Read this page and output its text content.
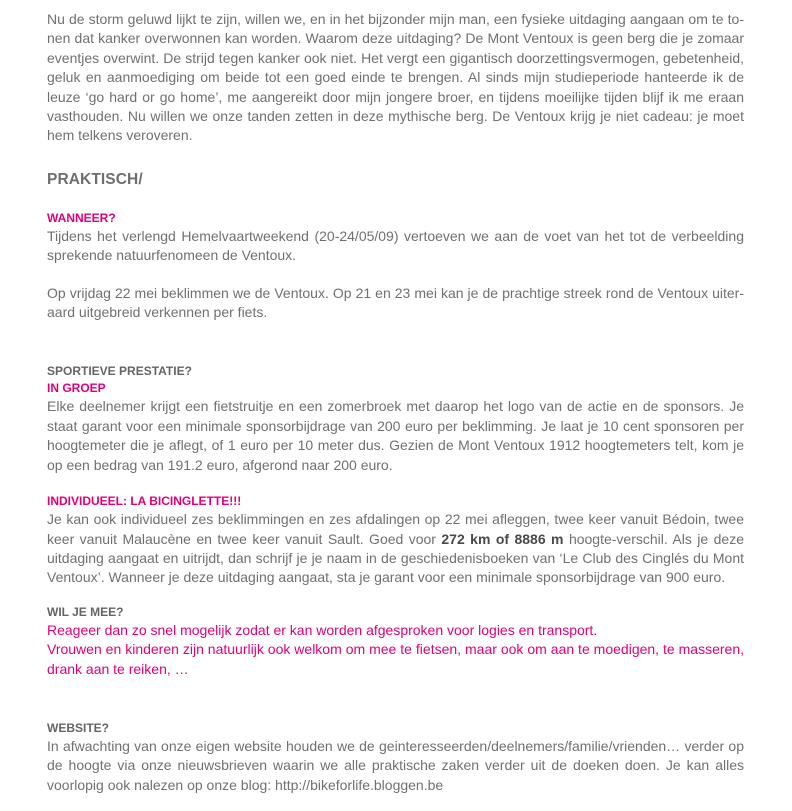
Nu de storm geluwd lijkt te zijn, willen we, en in het bijzonder mijn man, een fysieke uitdaging aangaan om te to-nen dat kanker overwonnen kan worden. Waarom deze uitdaging? De Mont Ventoux is geen berg die je zomaar eventjes overwint. De strijd tegen kanker ook niet. Het vergt een gigantisch doorzettingsvermogen, gebetenheid, geluk en aanmoediging om beide tot een goed einde te brengen. Al sinds mijn studieperiode hanteerde ik de leuze ‘go hard or go home’, me aangereikt door mijn jongere broer, en tijdens moeilijke tijden blijf ik me eraan vasthouden. Nu willen we onze tanden zetten in deze mythische berg. De Ventoux krijg je niet cadeau: je moet hem telkens veroveren.

PRAKTISCH/
WANNEER?

Tijdens het verlengd Hemelvaartweekend (20-24/05/09) vertoeven we aan de voet van het tot de verbeelding sprekende natuurfenomeen de Ventoux.

Op vrijdag 22 mei beklimmen we de Ventoux. Op 21 en 23 mei kan je de prachtige streek rond de Ventoux uiter-aard uitgebreid verkennen per fiets.

SPORTIEVE PRESTATIE?
IN GROEP

Elke deelnemer krijgt een fietstruitje en een zomerbroek met daarop het logo van de actie en de sponsors. Je staat garant voor een minimale sponsorbijdrage van 200 euro per beklimming. Je laat je 10 cent sponsoren per hoogtemeter die je aflegt, of 1 euro per 10 meter dus. Gezien de Mont Ventoux 1912 hoogtemeters telt, kom je op een bedrag van 191.2 euro, afgerond naar 200 euro.

INDIVIDUEEL: LA BICINGLETTE!!!

Je kan ook individueel zes beklimmingen en zes afdalingen op 22 mei afleggen, twee keer vanuit Bédoin, twee keer vanuit Malaucène en twee keer vanuit Sault. Goed voor 272 km of 8886 m hoogte-verschil. Als je deze uitdaging aangaat en uitrijdt, dan schrijf je je naam in de geschiedenisboeken van ‘Le Club des Cinglés du Mont Ventoux’. Wanneer je deze uitdaging aangaat, sta je garant voor een minimale sponsorbijdrage van 900 euro.

WIL JE MEE?

Reageer dan zo snel mogelijk zodat er kan worden afgesproken voor logies en transport.

Vrouwen en kinderen zijn natuurlijk ook welkom om mee te fietsen, maar ook om aan te moedigen, te masseren, drank aan te reiken, …

WEBSITE?

In afwachting van onze eigen website houden we de geinteresseerden/deelnemers/familie/vrienden… verder op de hoogte via onze nieuwsbrieven waarin we alle praktische zaken verder uit de doeken doen. Je kan alles voorlopig ook nalezen op onze blog: http://bikeforlife.bloggen.be
